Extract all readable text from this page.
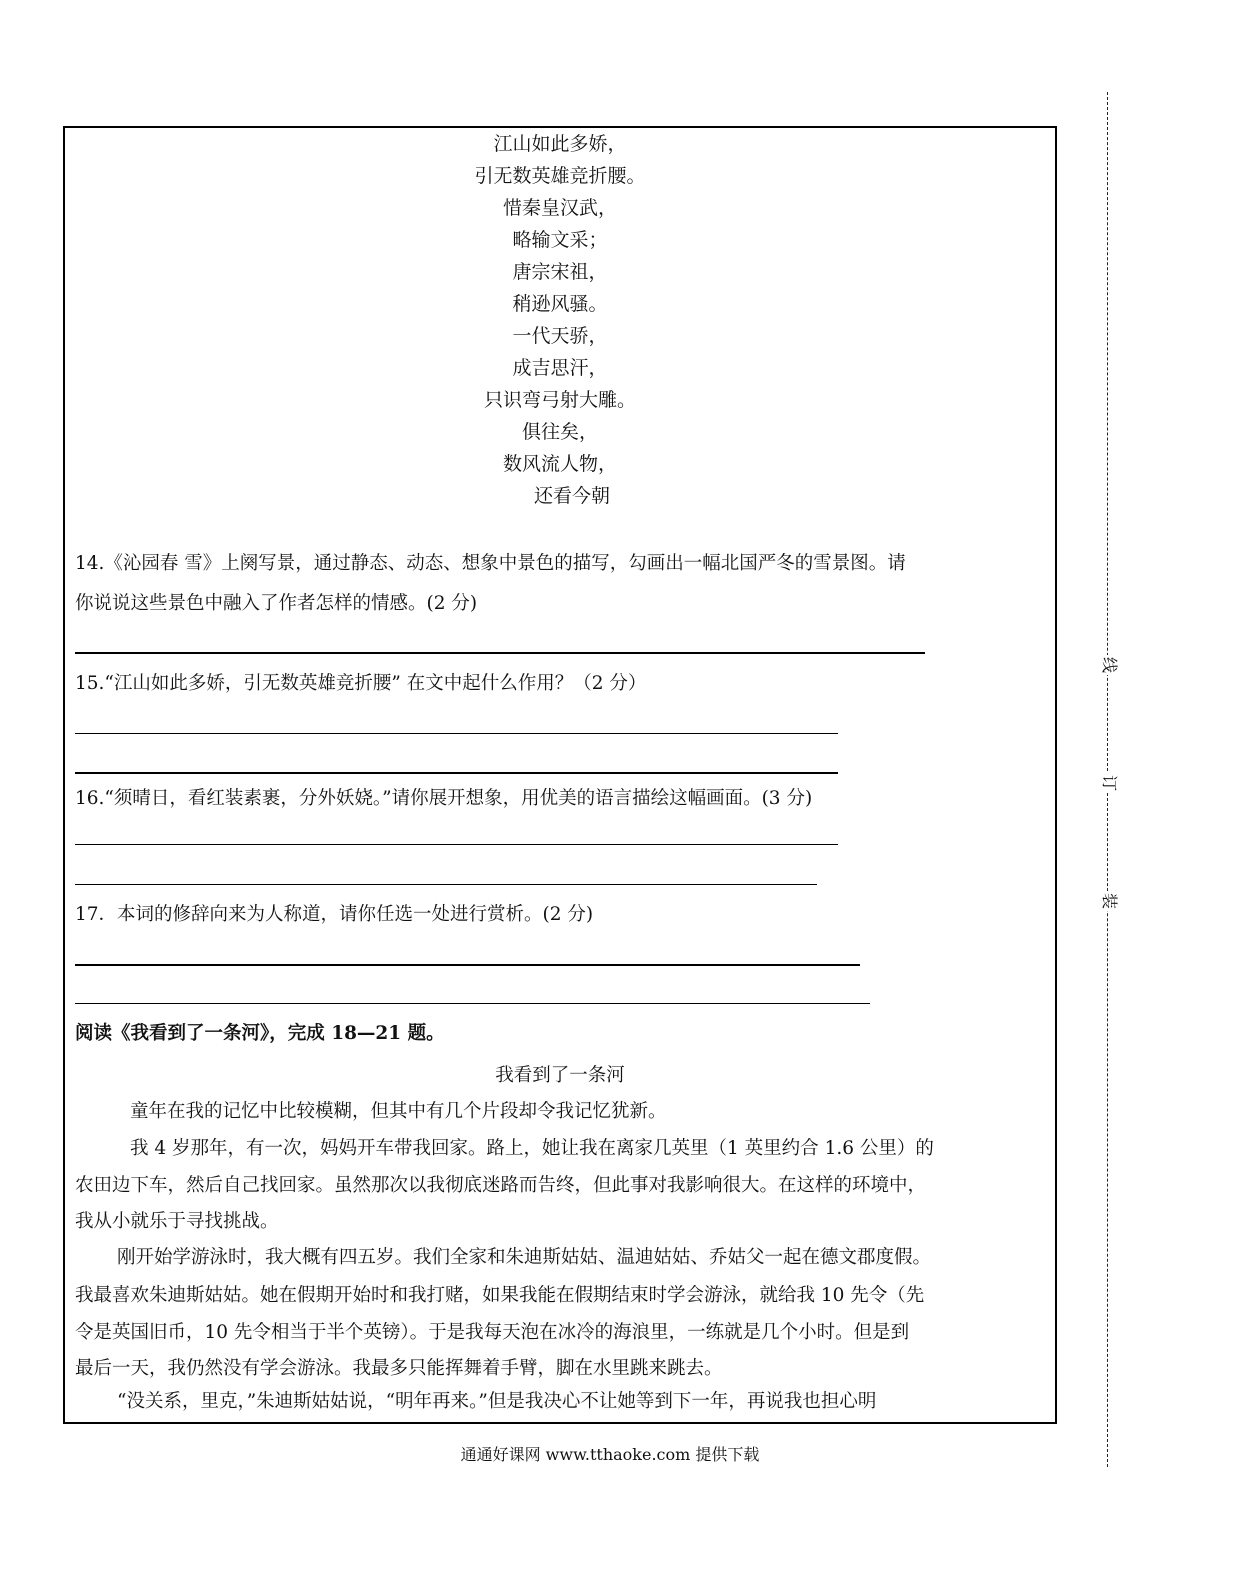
江山如此多娇，
引无数英雄竞折腰。
惜秦皇汉武，
略输文采；
唐宗宋祖，
稍逊风骚。
一代天骄，
成吉思汗，
只识弯弓射大雕。
俱往矣，
数风流人物，
还看今朝
14.《沁园春 雪》上阕写景，通过静态、动态、想象中景色的描写，勾画出一幅北国严冬的雪景图。请
你说说这些景色中融入了作者怎样的情感。(2 分)
15.“江山如此多娇，引无数英雄竞折腰” 在文中起什么作用？（2 分）
16.“须晴日，看红装素裹，分外妖娆。”请你展开想象，用优美的语言描绘这幅画面。(3 分)
17．本词的修辞向来为人称道，请你任选一处进行赏析。(2 分)
阅读《我看到了一条河》，完成 18—21 题。
我看到了一条河
童年在我的记忆中比较模糊，但其中有几个片段却令我记忆犹新。
我 4 岁那年，有一次，妈妈开车带我回家。路上，她让我在离家几英里（1 英里约合 1.6 公里）的
农田边下车，然后自己找回家。虽然那次以我彻底迷路而告终，但此事对我影响很大。在这样的环境中，
我从小就乐于寻找挑战。
刚开始学游泳时，我大概有四五岁。我们全家和朱迪斯姑姑、温迪姑姑、乔姑父一起在德文郡度假。
我最喜欢朱迪斯姑姑。她在假期开始时和我打赌，如果我能在假期结束时学会游泳，就给我 10 先令（先
令是英国旧币，10 先令相当于半个英镑）。于是我每天泡在冰冷的海浪里，一练就是几个小时。但是到
最后一天，我仍然没有学会游泳。我最多只能挥舞着手臂，脚在水里跳来跳去。
“没关系，里克，”朱迪斯姑姑说，“明年再来。”但是我决心不让她等到下一年，再说我也担心明
通通好课网 www.tthaoke.com 提供下载
线
订
装
